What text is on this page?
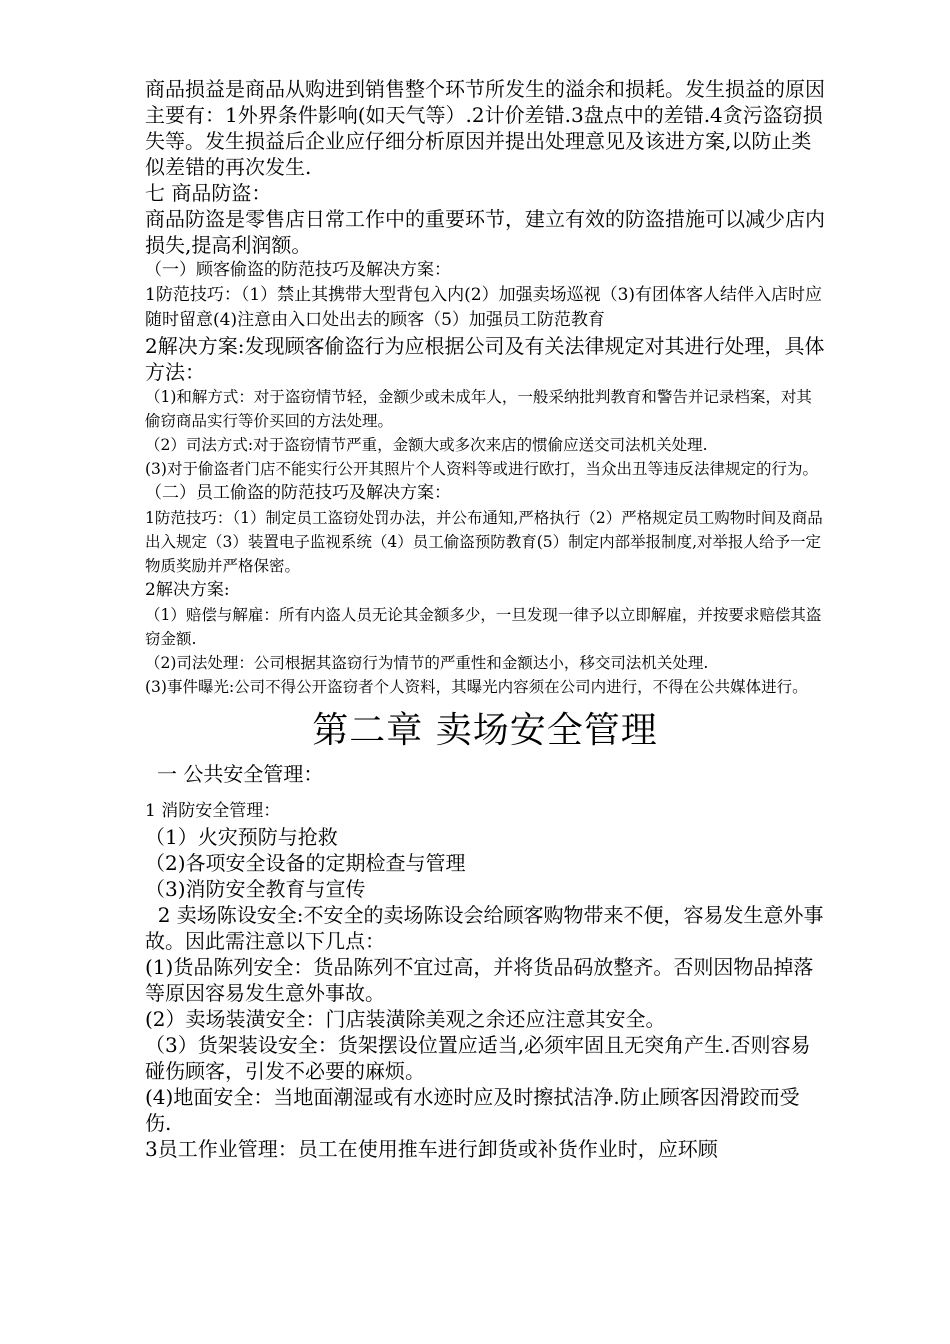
商品损益是商品从购进到销售整个环节所发生的溢余和损耗。发生损益的原因主要有：1外界条件影响(如天气等）.2计价差错.3盘点中的差错.4贪污盗窃损失等。发生损益后企业应仔细分析原因并提出处理意见及该进方案,以防止类似差错的再次发生.

七 商品防盗：

商品防盗是零售店日常工作中的重要环节，建立有效的防盗措施可以减少店内损失,提高利润额。

（一）顾客偷盗的防范技巧及解决方案：

1防范技巧：（1）禁止其携带大型背包入内(2）加强卖场巡视（3)有团体客人结伴入店时应随时留意(4)注意由入口处出去的顾客（5）加强员工防范教育

2解决方案:发现顾客偷盗行为应根据公司及有关法律规定对其进行处理，具体方法：

（1)和解方式：对于盗窃情节轻，金额少或未成年人，一般采纳批判教育和警告并记录档案，对其偷窃商品实行等价买回的方法处理。

（2）司法方式:对于盗窃情节严重，金额大或多次来店的惯偷应送交司法机关处理.

(3)对于偷盗者门店不能实行公开其照片个人资料等或进行欧打，当众出丑等违反法律规定的行为。

（二）员工偷盗的防范技巧及解决方案：

1防范技巧：（1）制定员工盗窃处罚办法，并公布通知,严格执行（2）严格规定员工购物时间及商品出入规定（3）装置电子监视系统（4）员工偷盗预防教育(5）制定内部举报制度,对举报人给予一定物质奖励并严格保密。

2解决方案:

（1）赔偿与解雇：所有内盗人员无论其金额多少，一旦发现一律予以立即解雇，并按要求赔偿其盗窃金额.

（2)司法处理：公司根据其盗窃行为情节的严重性和金额达小，移交司法机关处理.

(3)事件曝光:公司不得公开盗窃者个人资料，其曝光内容须在公司内进行，不得在公共媒体进行。

第二章 卖场安全管理
一 公共安全管理：

1 消防安全管理：

（1）火灾预防与抢救

（2)各项安全设备的定期检查与管理

（3)消防安全教育与宣传

2 卖场陈设安全:不安全的卖场陈设会给顾客购物带来不便，容易发生意外事故。因此需注意以下几点：

(1)货品陈列安全：货品陈列不宜过高，并将货品码放整齐。否则因物品掉落等原因容易发生意外事故。

(2）卖场装潢安全：门店装潢除美观之余还应注意其安全。

（3）货架装设安全：货架摆设位置应适当,必须牢固且无突角产生.否则容易碰伤顾客，引发不必要的麻烦。

(4)地面安全：当地面潮湿或有水迹时应及时擦拭洁净.防止顾客因滑跤而受伤.

3员工作业管理：员工在使用推车进行卸货或补货作业时，应环顾
